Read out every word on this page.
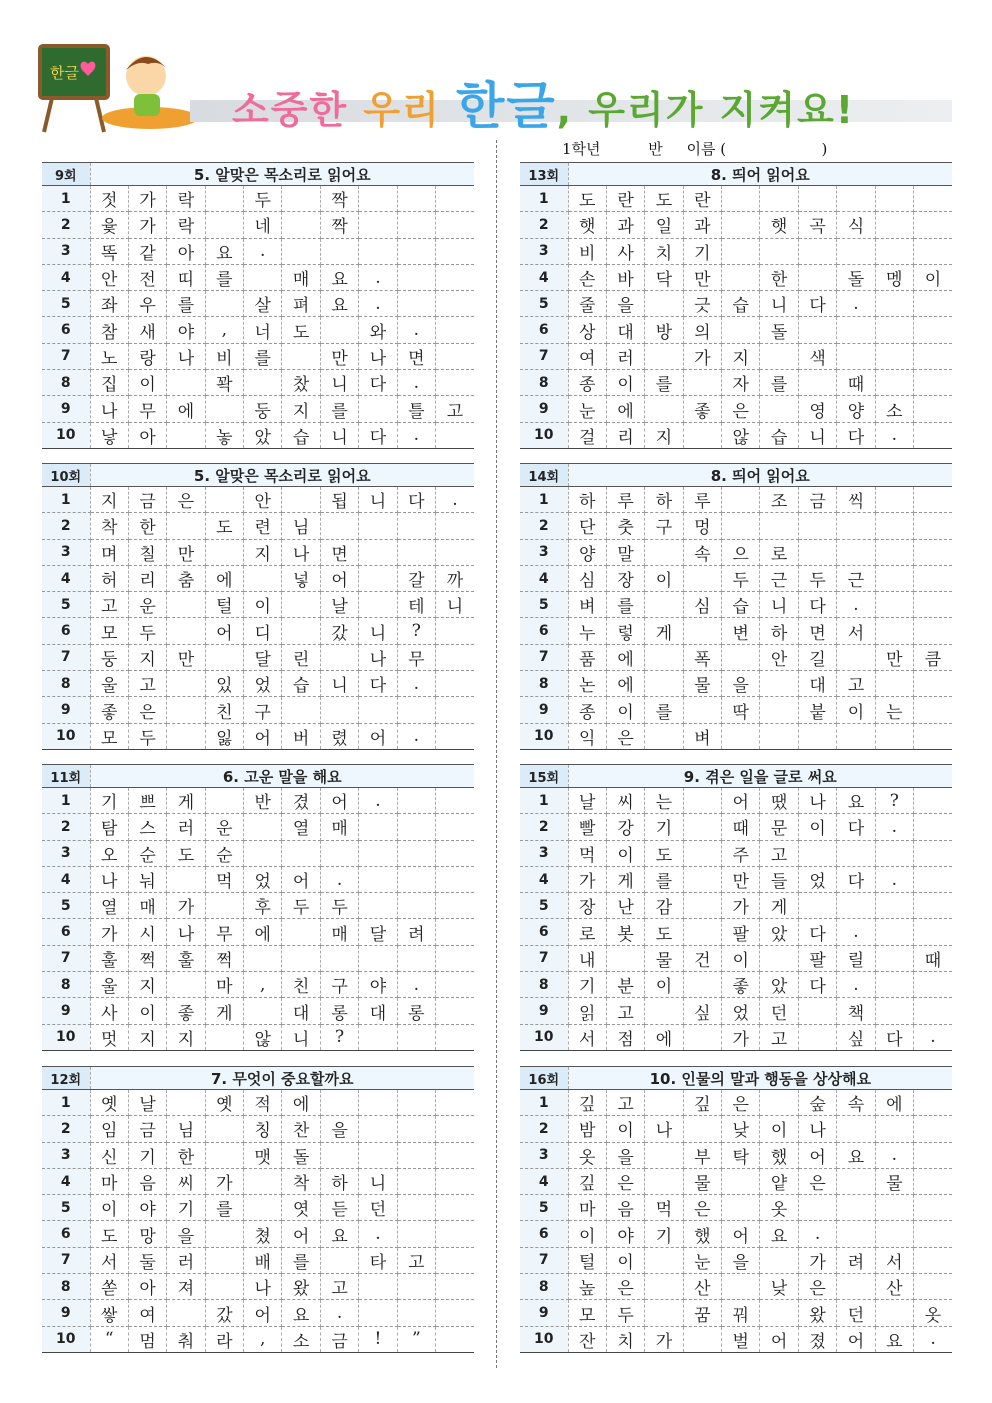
한글
소중한 우리 한글, 우리가 지켜요!
1학년          반     이름 (                    )
9회	5. 알맞은 목소리로 읽어요									
1	젓	가	락		두		짝			
2	윷	가	락		네		짝			
3	똑	같	아	요	.					
4	안	전	띠	를		매	요	.		
5	좌	우	를		살	펴	요	.		
6	참	새	야	,	너	도		와	.	
7	노	랑	나	비	를		만	나	면	
8	집	이		꽉		찼	니	다	.	
9	나	무	에		둥	지	를		틀	고
10	낳	아		놓	았	습	니	다	.	
10회	5. 알맞은 목소리로 읽어요									
1	지	금	은		안		됩	니	다	.
2	착	한		도	련	님				
3	며	칠	만		지	나	면			
4	허	리	춤	에		넣	어		갈	까
5	고	운		털	이		날		테	니
6	모	두		어	디		갔	니	?	
7	둥	지	만		달	린		나	무	
8	울	고		있	었	습	니	다	.	
9	좋	은		친	구					
10	모	두		잃	어	버	렸	어	.	
11회	6. 고운 말을 해요									
1	기	쁘	게		반	겼	어	.		
2	탐	스	러	운		열	매			
3	오	순	도	순						
4	나	눠		먹	었	어	.			
5	열	매	가		후	두	두			
6	가	시	나	무	에		매	달	려	
7	훌	쩍	훌	쩍						
8	울	지		마	,	친	구	야	.	
9	사	이	좋	게		대	롱	대	롱	
10	멋	지	지		않	니	?			
12회	7. 무엇이 중요할까요									
1	옛	날		옛	적	에				
2	임	금	님		칭	찬	을			
3	신	기	한		맷	돌				
4	마	음	씨	가		착	하	니		
5	이	야	기	를		엿	듣	던		
6	도	망	을		쳤	어	요	.		
7	서	둘	러		배	를		타	고	
8	쏟	아	져		나	왔	고			
9	쌓	여		갔	어	요	.			
10	“	멈	춰	라	,	소	금	!	”	
13회	8. 띄어 읽어요									
1	도	란	도	란						
2	햇	과	일	과		햇	곡	식		
3	비	사	치	기						
4	손	바	닥	만		한		돌	멩	이
5	줄	을		긋	습	니	다	.		
6	상	대	방	의		돌				
7	여	러		가	지		색			
8	종	이	를		자	를		때		
9	눈	에		좋	은		영	양	소	
10	걸	리	지		않	습	니	다	.	
14회	8. 띄어 읽어요									
1	하	루	하	루		조	금	씩		
2	단	춧	구	멍						
3	양	말		속	으	로				
4	심	장	이		두	근	두	근		
5	벼	를		심	습	니	다	.		
6	누	렇	게		변	하	면	서		
7	품	에		폭		안	길		만	큼
8	논	에		물	을		대	고		
9	종	이	를		딱		붙	이	는	
10	익	은		벼						
15회	9. 겪은 일을 글로 써요									
1	날	씨	는		어	땠	나	요	?	
2	빨	강	기		때	문	이	다	.	
3	먹	이	도		주	고				
4	가	게	를		만	들	었	다	.	
5	장	난	감		가	게				
6	로	봇	도		팔	았	다	.		
7	내		물	건	이		팔	릴		때
8	기	분	이		좋	았	다	.		
9	읽	고		싶	었	던		책		
10	서	점	에		가	고		싶	다	.
16회	10. 인물의 말과 행동을 상상해요									
1	깊	고		깊	은		숲	속	에	
2	밤	이	나		낮	이	나			
3	옷	을		부	탁	했	어	요	.	
4	깊	은		물		얕	은		물	
5	마	음	먹	은		옷				
6	이	야	기	했	어	요	.			
7	털	이		눈	을		가	려	서	
8	높	은		산		낮	은		산	
9	모	두		꿈	꿔		왔	던		옷
10	잔	치	가		벌	어	졌	어	요	.
